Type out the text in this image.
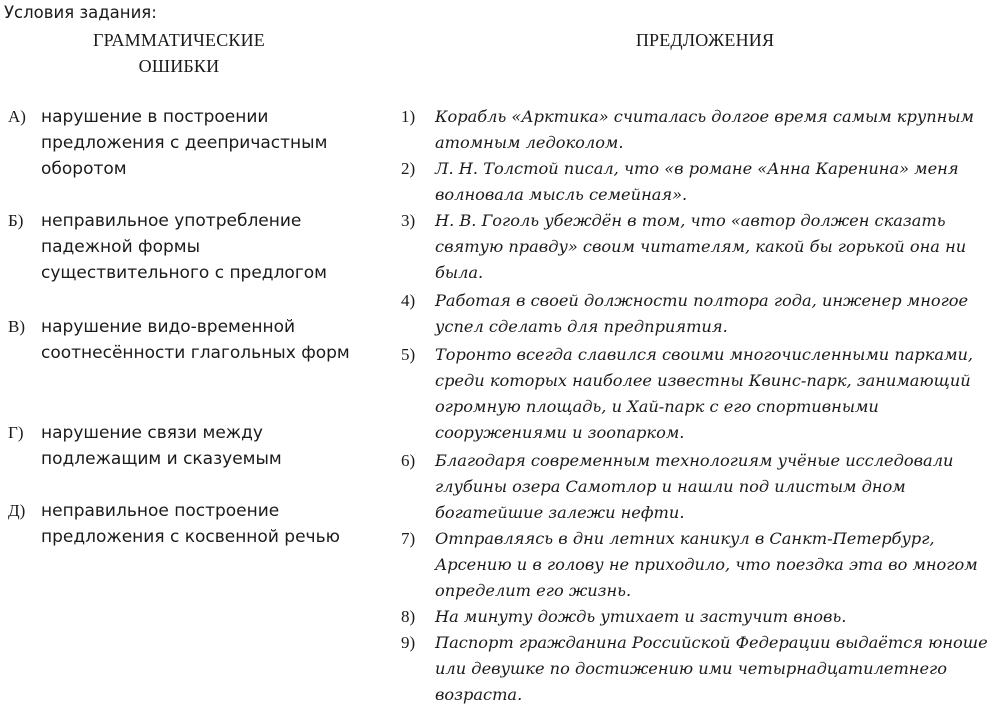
Условия задания:
ГРАММАТИЧЕСКИЕ ОШИБКИ
ПРЕДЛОЖЕНИЯ
А) нарушение в построении предложения с деепричастным оборотом
Б) неправильное употребление падежной формы существительного с предлогом
В) нарушение видо-временной соотнесённости глагольных форм
Г) нарушение связи между подлежащим и сказуемым
Д) неправильное построение предложения с косвенной речью
1)	Корабль «Арктика» считалась долгое время самым крупным атомным ледоколом.
2)	Л. Н. Толстой писал, что «в романе «Анна Каренина» меня волновала мысль семейная».
3)	Н. В. Гоголь убеждён в том, что «автор должен сказать святую правду» своим читателям, какой бы горькой она ни была.
4)	Работая в своей должности полтора года, инженер многое успел сделать для предприятия.
5)	Торонто всегда славился своими многочисленными парками, среди которых наиболее известны Квинс-парк, занимающий огромную площадь, и Хай-парк с его спортивными сооружениями и зоопарком.
6)	Благодаря современным технологиям учёные исследовали глубины озера Самотлор и нашли под илистым дном богатейшие залежи нефти.
7)	Отправляясь в дни летних каникул в Санкт-Петербург, Арсению и в голову не приходило, что поездка эта во многом определит его жизнь.
8)	На минуту дождь утихает и застучит вновь.
9)	Паспорт гражданина Российской Федерации выдаётся юноше или девушке по достижению ими четырнадцатилетнего возраста.
